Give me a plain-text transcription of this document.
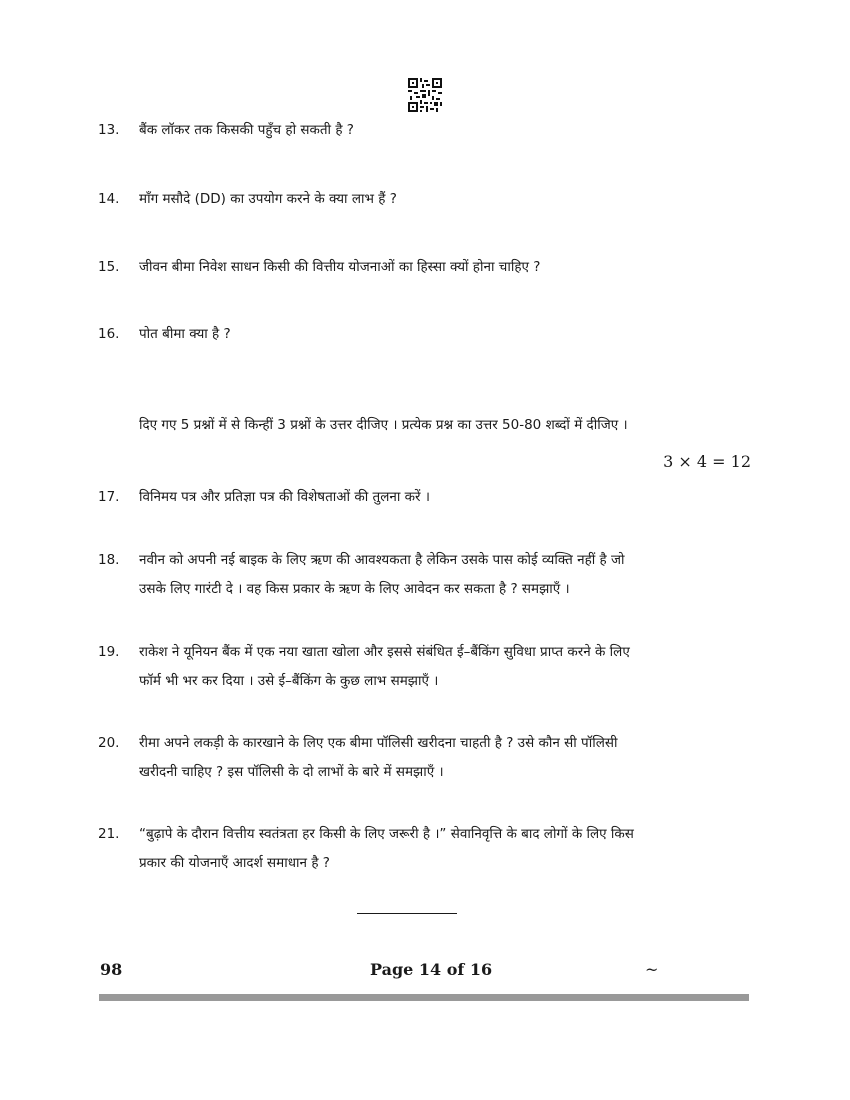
13. बैंक लॉकर तक किसकी पहुँच हो सकती है ?
14. माँग मसौदे (DD) का उपयोग करने के क्या लाभ हैं ?
15. जीवन बीमा निवेश साधन किसी की वित्तीय योजनाओं का हिस्सा क्यों होना चाहिए ?
16. पोत बीमा क्या है ?
दिए गए 5 प्रश्नों में से किन्हीं 3 प्रश्नों के उत्तर दीजिए । प्रत्येक प्रश्न का उत्तर 50-80 शब्दों में दीजिए ।
3 × 4 = 12
17. विनिमय पत्र और प्रतिज्ञा पत्र की विशेषताओं की तुलना करें ।
18. नवीन को अपनी नई बाइक के लिए ऋण की आवश्यकता है लेकिन उसके पास कोई व्यक्ति नहीं है जो
उसके लिए गारंटी दे । वह किस प्रकार के ऋण के लिए आवेदन कर सकता है ? समझाएँ ।
19. राकेश ने यूनियन बैंक में एक नया खाता खोला और इससे संबंधित ई–बैंकिंग सुविधा प्राप्त करने के लिए
फॉर्म भी भर कर दिया । उसे ई–बैंकिंग के कुछ लाभ समझाएँ ।
20. रीमा अपने लकड़ी के कारखाने के लिए एक बीमा पॉलिसी खरीदना चाहती है ? उसे कौन सी पॉलिसी
खरीदनी चाहिए ? इस पॉलिसी के दो लाभों के बारे में समझाएँ ।
21. “बुढ़ापे के दौरान वित्तीय स्वतंत्रता हर किसी के लिए जरूरी है ।” सेवानिवृत्ति के बाद लोगों के लिए किस
प्रकार की योजनाएँ आदर्श समाधान है ?
98	Page 14 of 16	~
